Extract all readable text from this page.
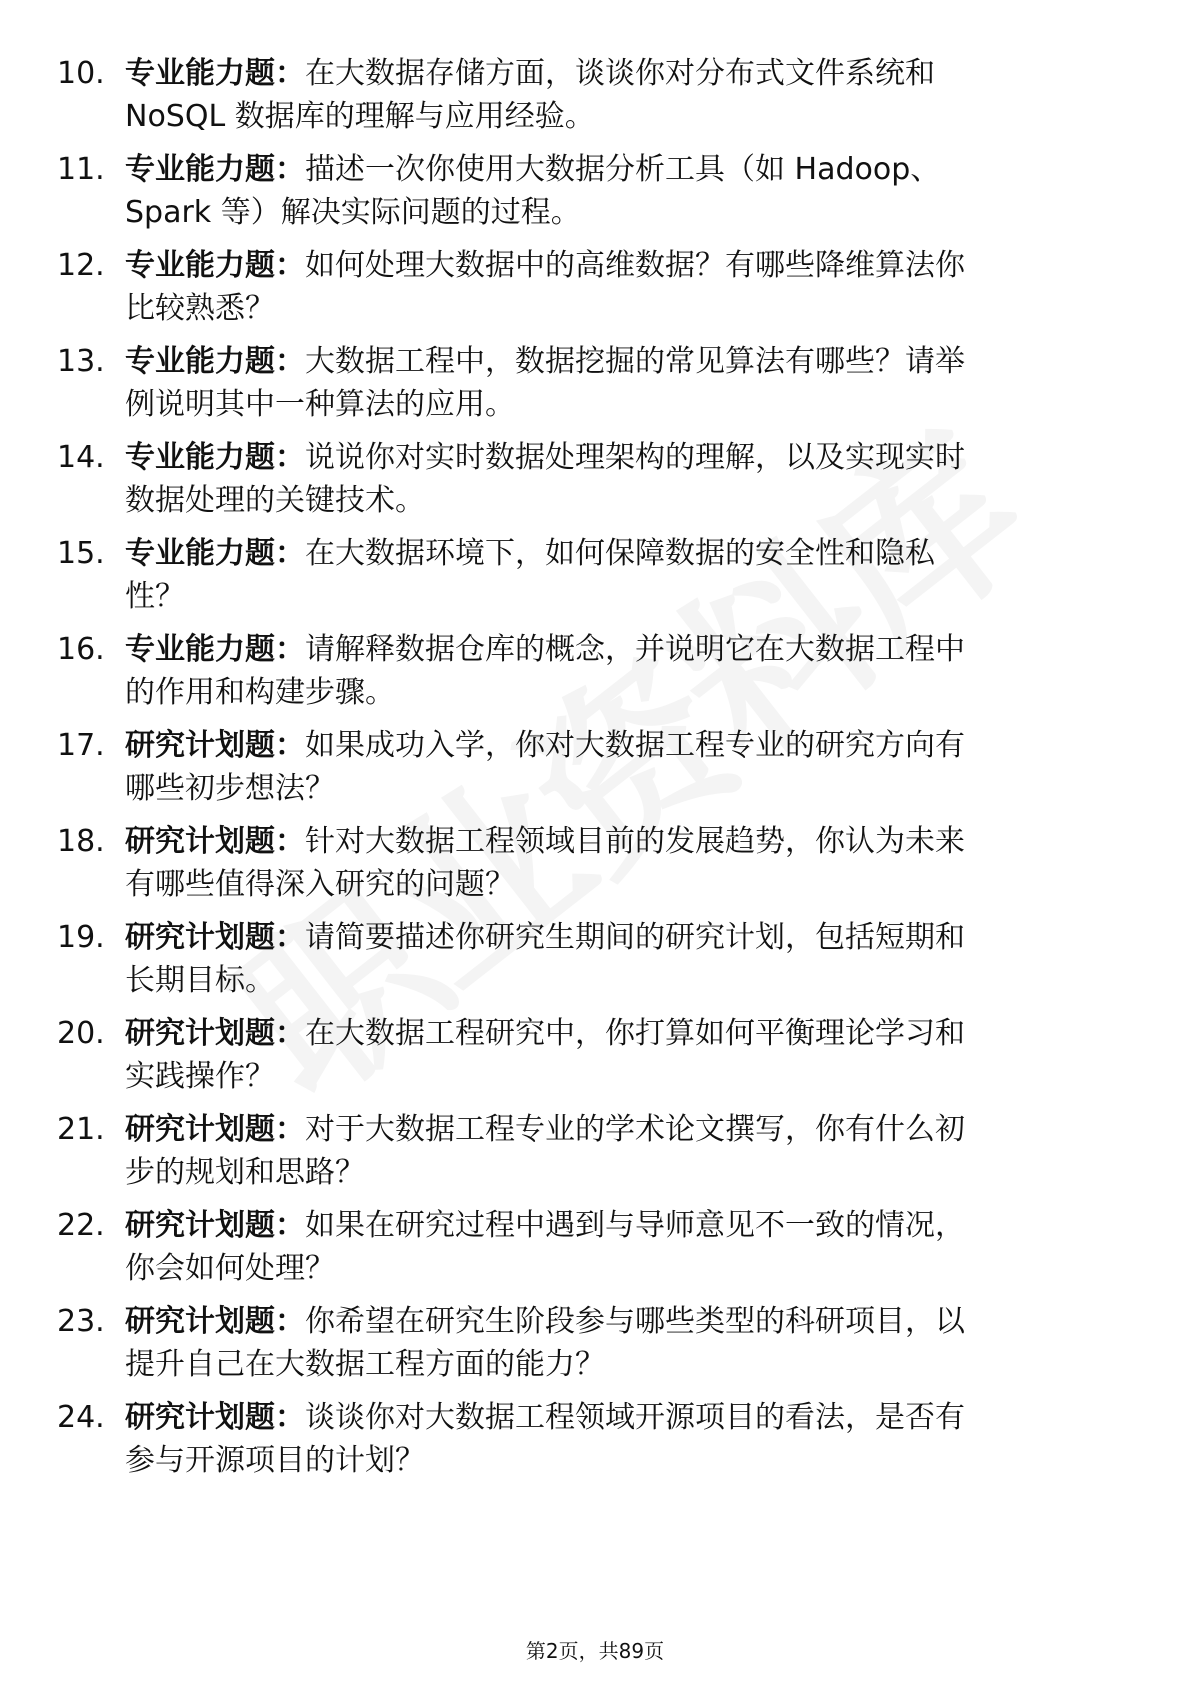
10. 专业能力题：在大数据存储方面，谈谈你对分布式文件系统和
NoSQL 数据库的理解与应用经验。
11. 专业能力题：描述一次你使用大数据分析工具（如 Hadoop、
Spark 等）解决实际问题的过程。
12. 专业能力题：如何处理大数据中的高维数据？有哪些降维算法你
比较熟悉？
13. 专业能力题：大数据工程中，数据挖掘的常见算法有哪些？请举
例说明其中一种算法的应用。
14. 专业能力题：说说你对实时数据处理架构的理解，以及实现实时
数据处理的关键技术。
15. 专业能力题：在大数据环境下，如何保障数据的安全性和隐私
性？
16. 专业能力题：请解释数据仓库的概念，并说明它在大数据工程中
的作用和构建步骤。
17. 研究计划题：如果成功入学，你对大数据工程专业的研究方向有
哪些初步想法？
18. 研究计划题：针对大数据工程领域目前的发展趋势，你认为未来
有哪些值得深入研究的问题？
19. 研究计划题：请简要描述你研究生期间的研究计划，包括短期和
长期目标。
20. 研究计划题：在大数据工程研究中，你打算如何平衡理论学习和
实践操作？
21. 研究计划题：对于大数据工程专业的学术论文撰写，你有什么初
步的规划和思路？
22. 研究计划题：如果在研究过程中遇到与导师意见不一致的情况，
你会如何处理？
23. 研究计划题：你希望在研究生阶段参与哪些类型的科研项目，以
提升自己在大数据工程方面的能力？
24. 研究计划题：谈谈你对大数据工程领域开源项目的看法，是否有
参与开源项目的计划？
第2页，共89页
